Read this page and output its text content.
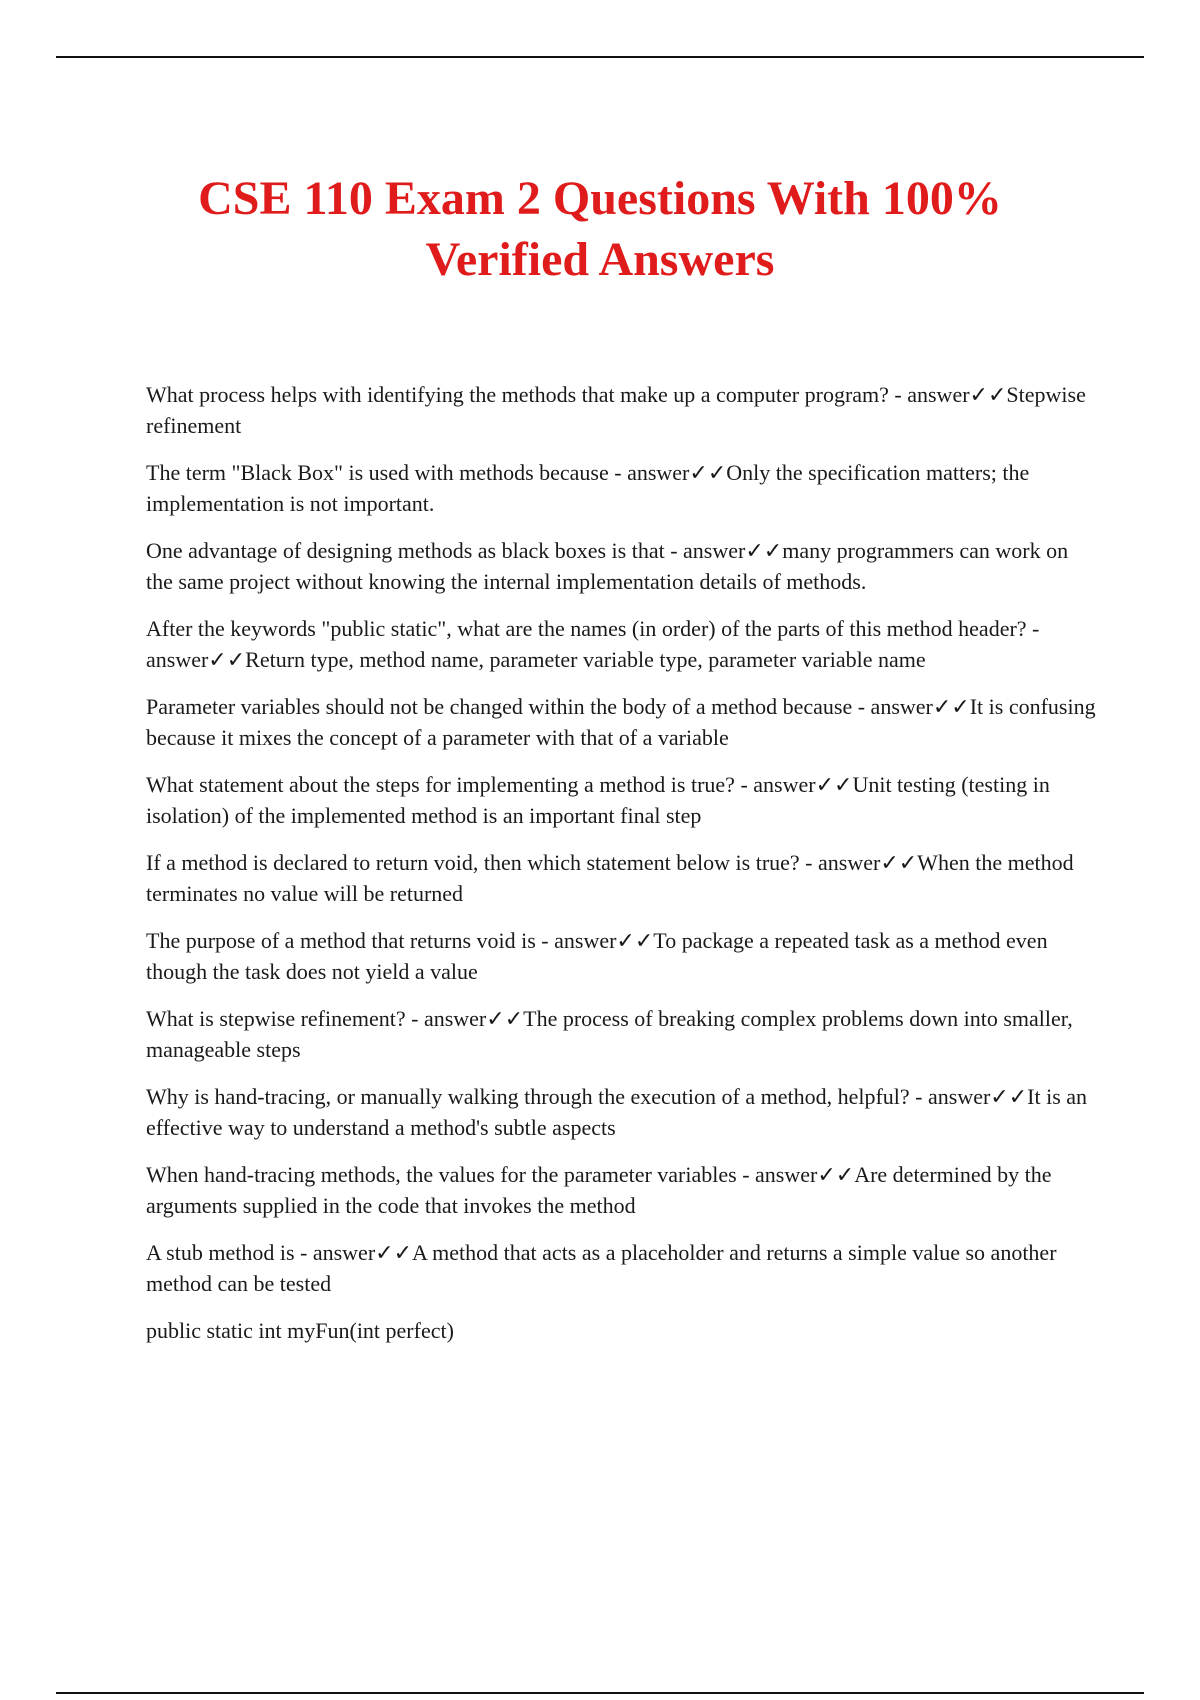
CSE 110 Exam 2 Questions With 100%
Verified Answers

What process helps with identifying the methods that make up a computer program? - answer✓✓Stepwise refinement

The term "Black Box" is used with methods because - answer✓✓Only the specification matters; the implementation is not important.

One advantage of designing methods as black boxes is that - answer✓✓many programmers can work on the same project without knowing the internal implementation details of methods.

After the keywords "public static", what are the names (in order) of the parts of this method header? - answer✓✓Return type, method name, parameter variable type, parameter variable name

Parameter variables should not be changed within the body of a method because - answer✓✓It is confusing because it mixes the concept of a parameter with that of a variable

What statement about the steps for implementing a method is true? - answer✓✓Unit testing (testing in isolation) of the implemented method is an important final step

If a method is declared to return void, then which statement below is true? - answer✓✓When the method terminates no value will be returned

The purpose of a method that returns void is - answer✓✓To package a repeated task as a method even though the task does not yield a value

What is stepwise refinement? - answer✓✓The process of breaking complex problems down into smaller, manageable steps

Why is hand-tracing, or manually walking through the execution of a method, helpful? - answer✓✓It is an effective way to understand a method's subtle aspects

When hand-tracing methods, the values for the parameter variables - answer✓✓Are determined by the arguments supplied in the code that invokes the method

A stub method is - answer✓✓A method that acts as a placeholder and returns a simple value so another method can be tested

public static int myFun(int perfect)
